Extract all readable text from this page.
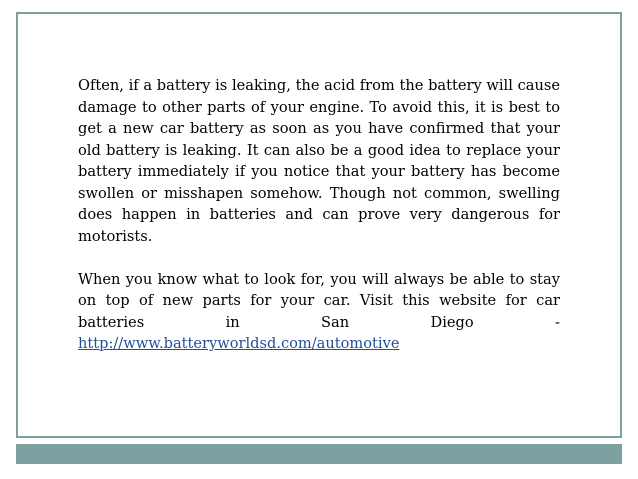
Often, if a battery is leaking, the acid from the battery will cause damage to other parts of your engine. To avoid this, it is best to get a new car battery as soon as you have confirmed that your old battery is leaking. It can also be a good idea to replace your battery immediately if you notice that your battery has become swollen or misshapen somehow. Though not common, swelling does happen in batteries and can prove very dangerous for motorists.

When you know what to look for, you will always be able to stay on top of new parts for your car. Visit this website for car batteries in San Diego - http://www.batteryworldsd.com/automotive
